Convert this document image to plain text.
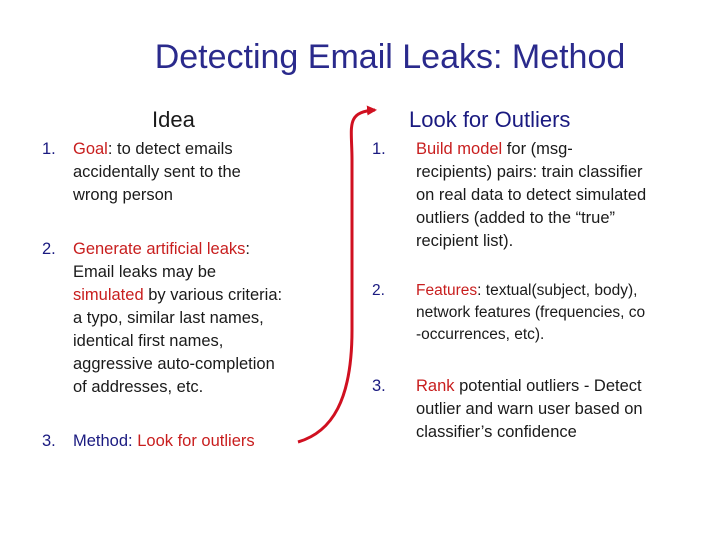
Detecting Email Leaks: Method
Idea
1. Goal: to detect emails
accidentally sent to the
wrong person
2. Generate artificial leaks:
Email leaks may be
simulated by various criteria:
a typo, similar last names,
identical first names,
aggressive auto-completion
of addresses, etc.
3. Method: Look for outliers
Look for Outliers
1. Build model for (msg-
recipients) pairs: train classifier
on real data to detect simulated
outliers (added to the “true”
recipient list).
2. Features: textual(subject, body),
network features (frequencies, co
-occurrences, etc).
3. Rank potential outliers - Detect
outlier and warn user based on
classifier’s confidence
